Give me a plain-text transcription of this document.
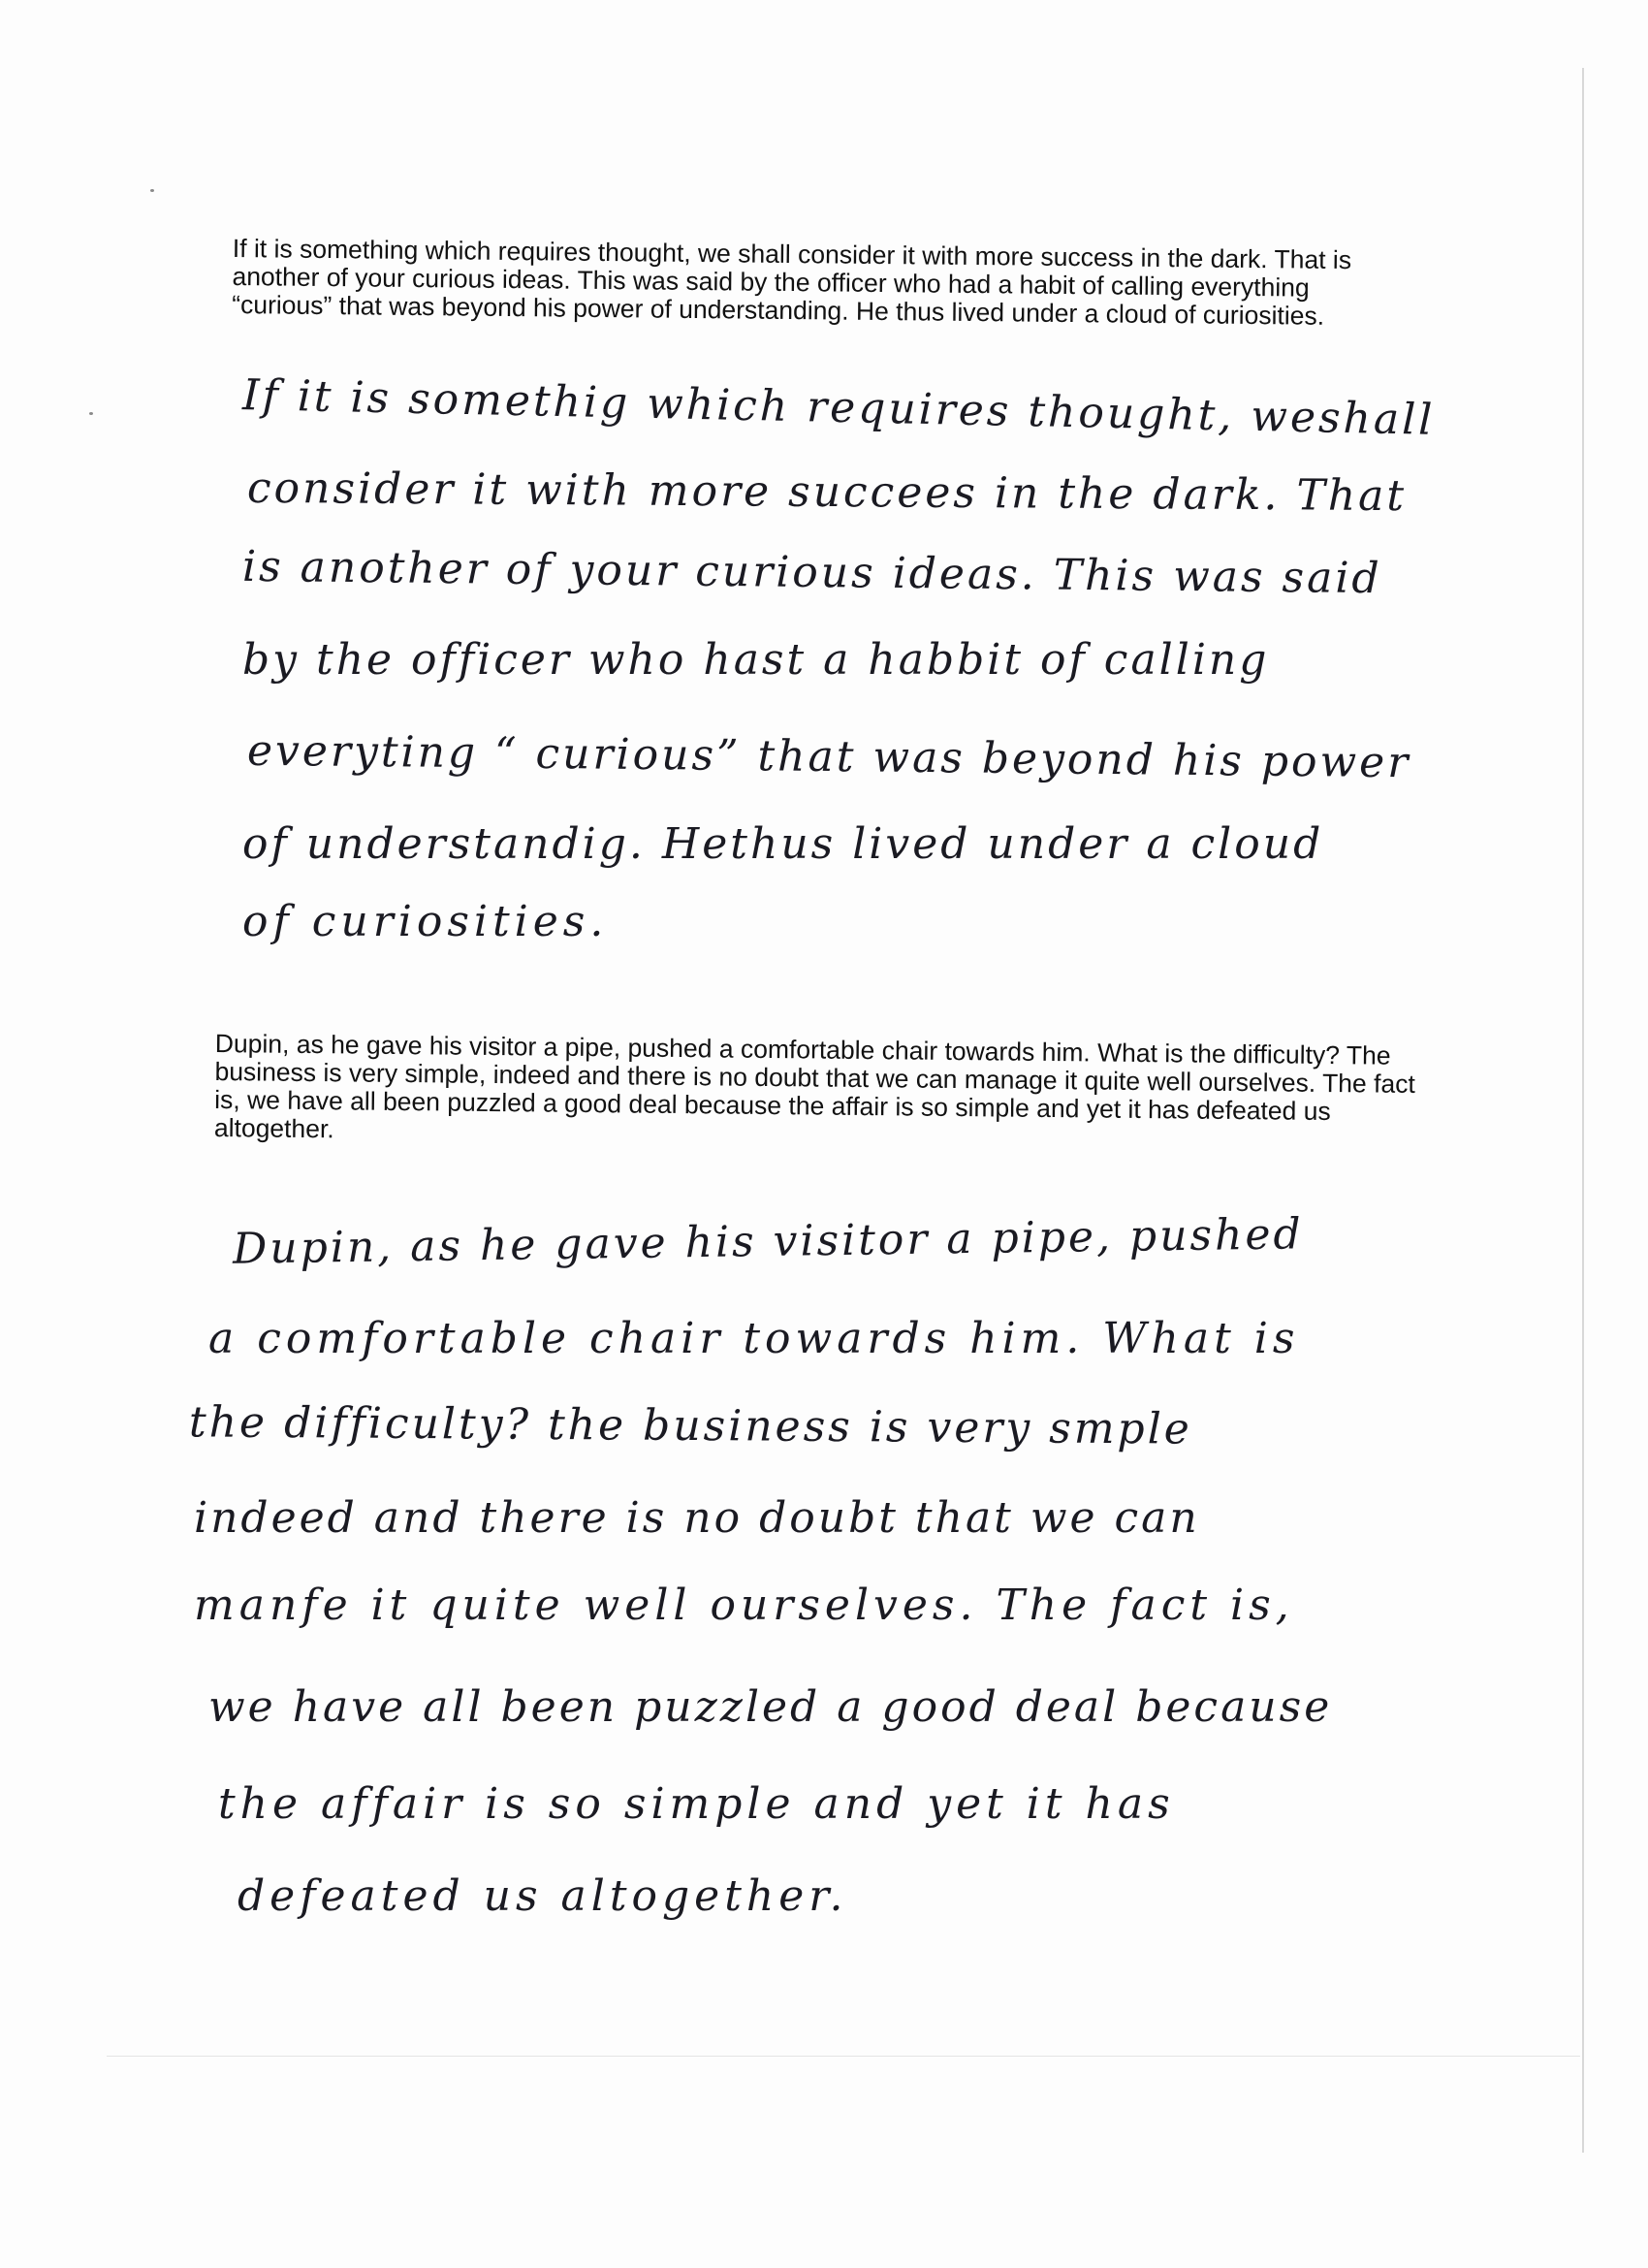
If it is something which requires thought, we shall consider it with more success in the dark. That is another of your curious ideas. This was said by the officer who had a habit of calling everything “curious” that was beyond his power of understanding. He thus lived under a cloud of curiosities.

If it is somethig which requires thought, weshall
consider it with more succees in the dark. That
is another of your curious ideas. This was said
by the officer who hast a habbit of calling
everyting “ curious” that was beyond his power
of understandig. Hethus lived under a cloud
of curiosities.

Dupin, as he gave his visitor a pipe, pushed a comfortable chair towards him. What is the difficulty? The business is very simple, indeed and there is no doubt that we can manage it quite well ourselves. The fact is, we have all been puzzled a good deal because the affair is so simple and yet it has defeated us altogether.

Dupin, as he gave his visitor a pipe, pushed
a comfortable chair towards him. What is
the difficulty? the business is very smple
indeed and there is no doubt that we can
manfe it quite well ourselves. The fact is,
we have all been puzzled a good deal because
the affair is so simple and yet it has
defeated us altogether.
